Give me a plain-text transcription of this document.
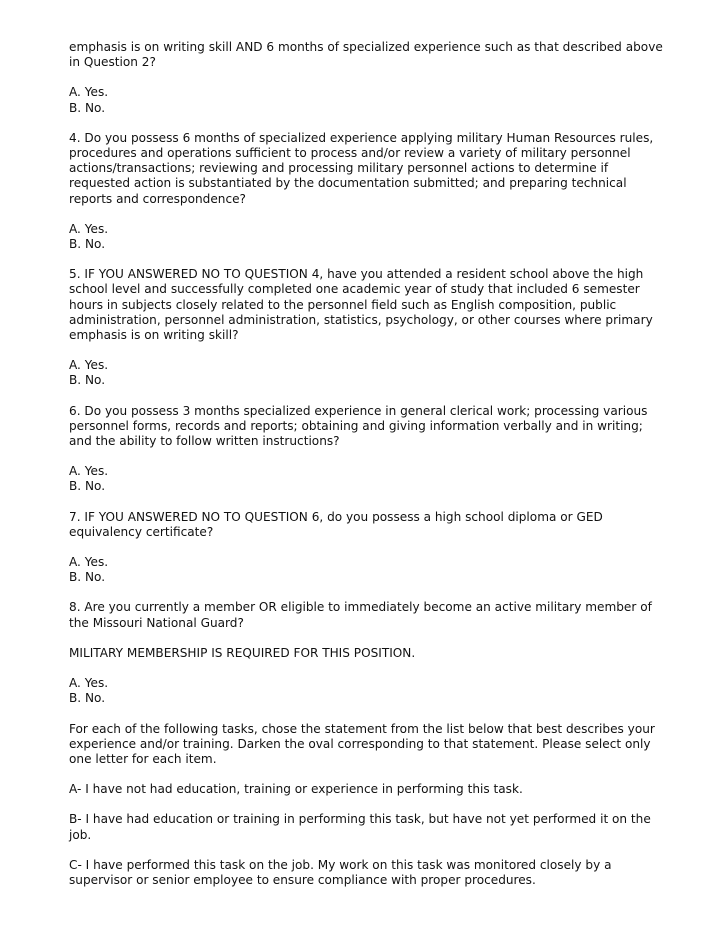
emphasis is on writing skill AND 6 months of specialized experience such as that described above
in Question 2?
A. Yes.
B. No.
4. Do you possess 6 months of specialized experience applying military Human Resources rules,
procedures and operations sufficient to process and/or review a variety of military personnel
actions/transactions; reviewing and processing military personnel actions to determine if
requested action is substantiated by the documentation submitted; and preparing technical
reports and correspondence?
A. Yes.
B. No.
5. IF YOU ANSWERED NO TO QUESTION 4, have you attended a resident school above the high
school level and successfully completed one academic year of study that included 6 semester
hours in subjects closely related to the personnel field such as English composition, public
administration, personnel administration, statistics, psychology, or other courses where primary
emphasis is on writing skill?
A. Yes.
B. No.
6. Do you possess 3 months specialized experience in general clerical work; processing various
personnel forms, records and reports; obtaining and giving information verbally and in writing;
and the ability to follow written instructions?
A. Yes.
B. No.
7. IF YOU ANSWERED NO TO QUESTION 6, do you possess a high school diploma or GED
equivalency certificate?
A. Yes.
B. No.
8. Are you currently a member OR eligible to immediately become an active military member of
the Missouri National Guard?
MILITARY MEMBERSHIP IS REQUIRED FOR THIS POSITION.
A. Yes.
B. No.
For each of the following tasks, chose the statement from the list below that best describes your
experience and/or training. Darken the oval corresponding to that statement. Please select only
one letter for each item.
A- I have not had education, training or experience in performing this task.
B- I have had education or training in performing this task, but have not yet performed it on the
job.
C- I have performed this task on the job. My work on this task was monitored closely by a
supervisor or senior employee to ensure compliance with proper procedures.
